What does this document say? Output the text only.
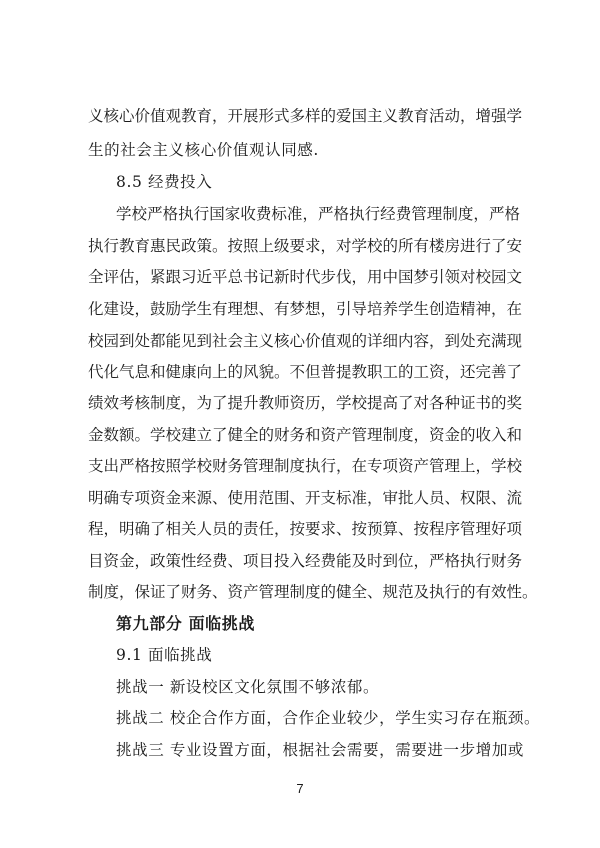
义核心价值观教育，开展形式多样的爱国主义教育活动，增强学
生的社会主义核心价值观认同感.
8.5 经费投入
学校严格执行国家收费标准，严格执行经费管理制度，严格
执行教育惠民政策。按照上级要求，对学校的所有楼房进行了安
全评估，紧跟习近平总书记新时代步伐，用中国梦引领对校园文
化建设，鼓励学生有理想、有梦想，引导培养学生创造精神，在
校园到处都能见到社会主义核心价值观的详细内容，到处充满现
代化气息和健康向上的风貌。不但普提教职工的工资，还完善了
绩效考核制度，为了提升教师资历，学校提高了对各种证书的奖
金数额。学校建立了健全的财务和资产管理制度，资金的收入和
支出严格按照学校财务管理制度执行，在专项资产管理上，学校
明确专项资金来源、使用范围、开支标准，审批人员、权限、流
程，明确了相关人员的责任，按要求、按预算、按程序管理好项
目资金，政策性经费、项目投入经费能及时到位，严格执行财务
制度，保证了财务、资产管理制度的健全、规范及执行的有效性。
第九部分 面临挑战
9.1 面临挑战
挑战一 新设校区文化氛围不够浓郁。
挑战二 校企合作方面，合作企业较少，学生实习存在瓶颈。
挑战三 专业设置方面，根据社会需要，需要进一步增加或
7
